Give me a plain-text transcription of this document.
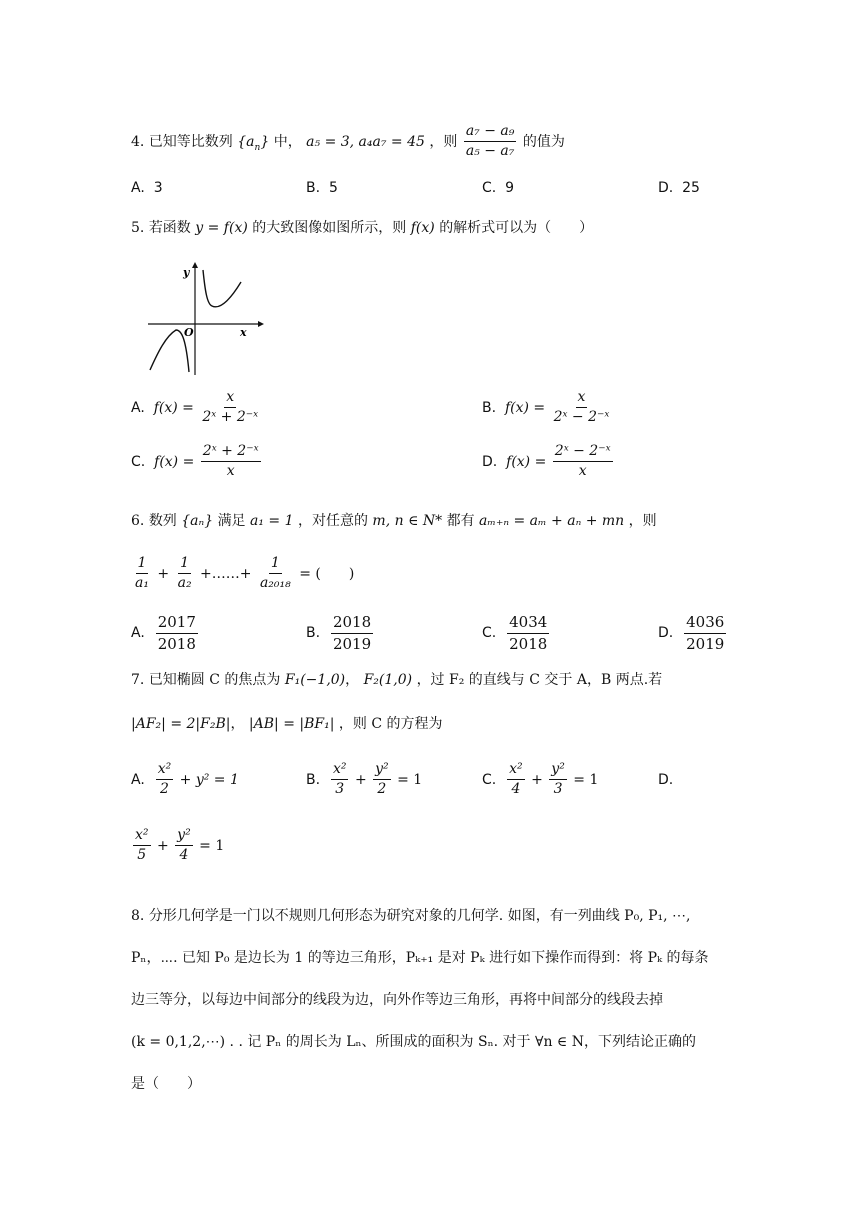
4. 已知等比数列 $\{a_n\}$ 中， a₅ = 3, a₄a₇ = 45 ，则 $\frac{\text{a₇ − a₉}}{\text{a₅ − a₇}}$ 的值为
A. 3	B. 5	C. 9	D. 25
5. 若函数 y = f(x) 的大致图像如图所示，则 f(x) 的解析式可以为（　　）
y
x
O
A. $f(x) = \frac{x}{\text{2ˣ + 2⁻ˣ}}$	B. $f(x) = \frac{x}{\text{2ˣ − 2⁻ˣ}}$
C. $f(x) = \frac{\text{2ˣ + 2⁻ˣ}}{x}$	D. $f(x) = \frac{\text{2ˣ − 2⁻ˣ}}{x}$
6. 数列 {aₙ} 满足 a₁ = 1 ，对任意的 m, n ∈ N* 都有 aₘ₊ₙ = aₘ + aₙ + mn ，则
$\frac{1}{\text{a₁}} + \frac{1}{\text{a₂}}$ +……+ $\frac{1}{\text{a₂₀₁₈}}$ = (　　)
A. $\frac{2017}{2018}$	B. $\frac{2018}{2019}$	C. $\frac{4034}{2018}$	D. $\frac{4036}{2019}$
7. 已知椭圆 C 的焦点为 F₁(−1,0)， F₂(1,0) ，过 F₂ 的直线与 C 交于 A，B 两点.若
|AF₂| = 2|F₂B|， |AB| = |BF₁| ，则 C 的方程为
A. $\frac{\text{x²}}{2} + y^2 = 1$	B. $\frac{\text{x²}}{3} + \frac{\text{y²}}{2} = 1$	C. $\frac{\text{x²}}{4} + \frac{\text{y²}}{3} = 1$	D.
$\frac{\text{x²}}{5} + \frac{\text{y²}}{4} = 1$
8. 分形几何学是一门以不规则几何形态为研究对象的几何学. 如图，有一列曲线 P₀, P₁, ⋯,
Pₙ，⋯. 已知 P₀ 是边长为 1 的等边三角形，Pₖ₊₁ 是对 Pₖ 进行如下操作而得到：将 Pₖ 的每条
边三等分，以每边中间部分的线段为边，向外作等边三角形，再将中间部分的线段去掉
(k = 0,1,2,⋯) . . 记 Pₙ 的周长为 Lₙ、所围成的面积为 Sₙ. 对于 ∀n ∈ N，下列结论正确的
是（　　）
